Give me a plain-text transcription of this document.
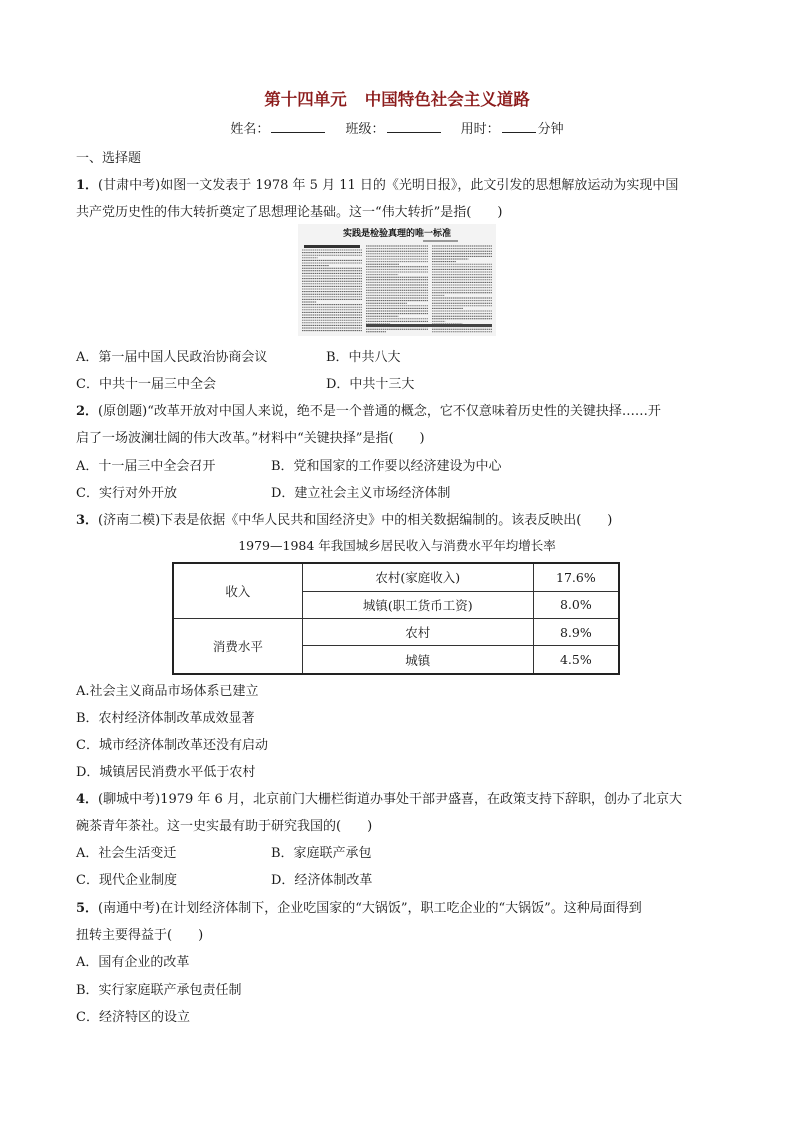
第十四单元 中国特色社会主义道路
姓名：	班级：	用时：	分钟
一、选择题
1．(甘肃中考)如图一文发表于 1978 年 5 月 11 日的《光明日报》，此文引发的思想解放运动为实现中国
共产党历史性的伟大转折奠定了思想理论基础。这一“伟大转折”是指(　　)
实践是检验真理的唯一标准
A．第一届中国人民政治协商会议	B．中共八大
C．中共十一届三中全会	D．中共十三大
2．(原创题)“改革开放对中国人来说，绝不是一个普通的概念，它不仅意味着历史性的关键抉择……开
启了一场波澜壮阔的伟大改革。”材料中“关键抉择”是指(　　)
A．十一届三中全会召开	B．党和国家的工作要以经济建设为中心
C．实行对外开放	D．建立社会主义市场经济体制
3．(济南二模)下表是依据《中华人民共和国经济史》中的相关数据编制的。该表反映出(　　)
1979—1984 年我国城乡居民收入与消费水平年均增长率
收入	农村(家庭收入)	17.6%
	城镇(职工货币工资)	8.0%
消费水平	农村	8.9%
	城镇	4.5%
A.社会主义商品市场体系已建立
B．农村经济体制改革成效显著
C．城市经济体制改革还没有启动
D．城镇居民消费水平低于农村
4．(聊城中考)1979 年 6 月，北京前门大栅栏街道办事处干部尹盛喜，在政策支持下辞职，创办了北京大
碗茶青年茶社。这一史实最有助于研究我国的(　　)
A．社会生活变迁	B．家庭联产承包
C．现代企业制度	D．经济体制改革
5．(南通中考)在计划经济体制下，企业吃国家的“大锅饭”，职工吃企业的“大锅饭”。这种局面得到
扭转主要得益于(　　)
A．国有企业的改革
B．实行家庭联产承包责任制
C．经济特区的设立
